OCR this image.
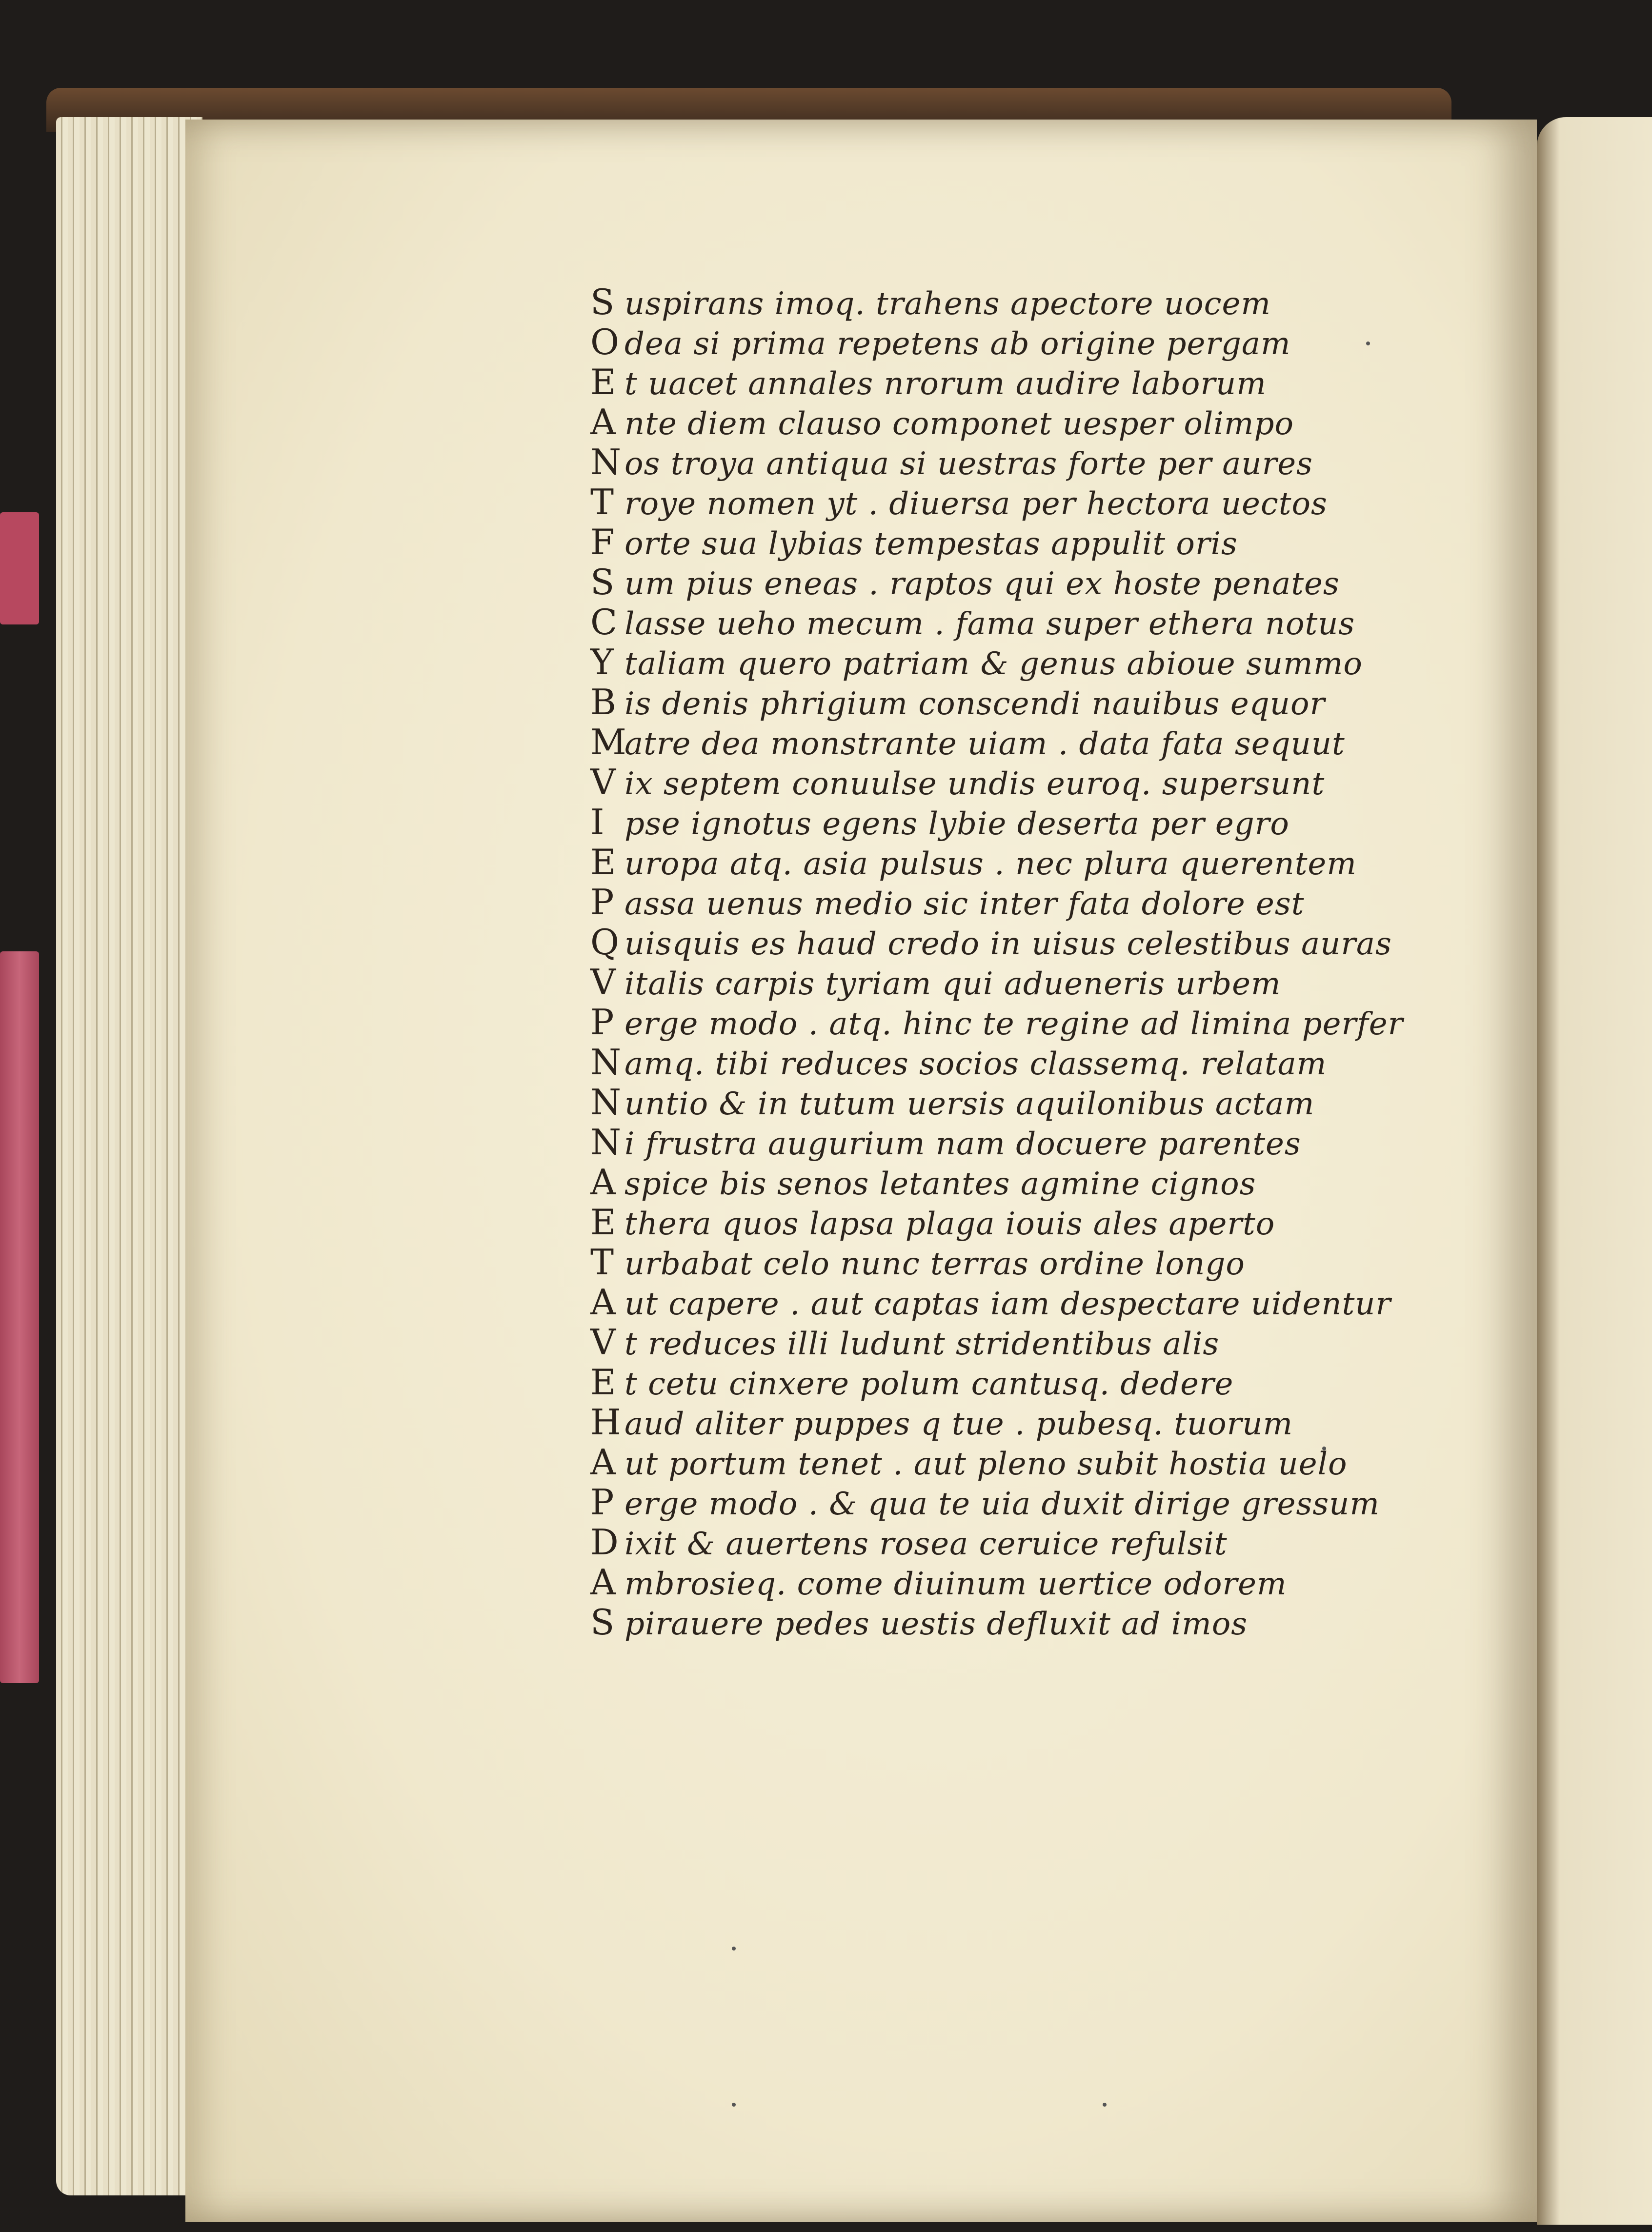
S uspirans imoq. trahens apectore uocem
O dea si prima repetens ab origine pergam
E t uacet annales nrorum audire laborum
A nte diem clauso componet uesper olimpo
Nos troya antiqua si uestras forte per aures
T roye nomen yt . diuersa per hectora uectos
F orte sua lybias tempestas appulit oris
S um pius eneas . raptos qui ex hoste penates
C lasse ueho mecum . fama super ethera notus
Y taliam quero patriam & genus abioue summo
B is denis phrigium conscendi nauibus equor
Matre dea monstrante uiam . data fata sequut
V ix septem conuulse undis euroq. supersunt
I pse ignotus egens lybie deserta per egro
E uropa atq. asia pulsus . nec plura querentem
P assa uenus medio sic inter fata dolore est
Q uisquis es haud credo in uisus celestibus auras
V italis carpis tyriam qui adueneris urbem
P erge modo . atq. hinc te regine ad limina perfer
Namq. tibi reduces socios classemq. relatam
Nuntio & in tutum uersis aquilonibus actam
Ni frustra augurium nam docuere parentes
A spice bis senos letantes agmine cignos
E thera quos lapsa plaga iouis ales aperto
T urbabat celo nunc terras ordine longo
A ut capere . aut captas iam despectare uidentur
V t reduces illi ludunt stridentibus alis
E t cetu cinxere polum cantusq. dedere
Haud aliter puppes q tue . pubesq. tuorum
A ut portum tenet . aut pleno subit hostia uelo
P erge modo . & qua te uia duxit dirige gressum
D ixit & auertens rosea ceruice refulsit
A mbrosieq. come diuinum uertice odorem
S pirauere pedes uestis defluxit ad imos
